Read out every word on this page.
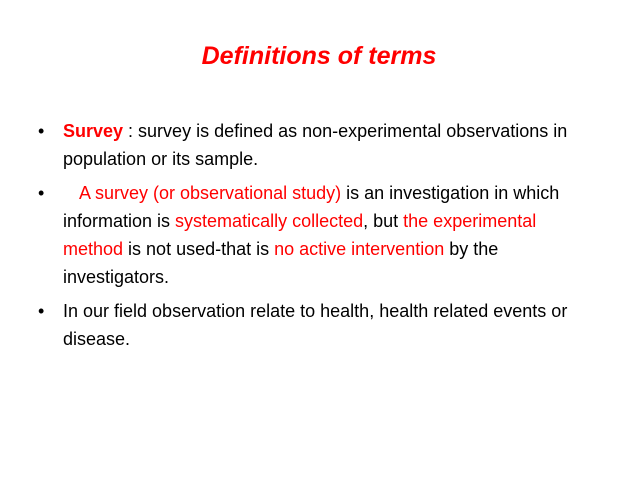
Definitions of terms
• Survey : survey is defined as non-experimental observations in population or its sample.
• A survey (or observational study) is an investigation in which information is systematically collected, but the experimental method is not used-that is no active intervention by the investigators.
• In our field observation relate to health, health related events or disease.
